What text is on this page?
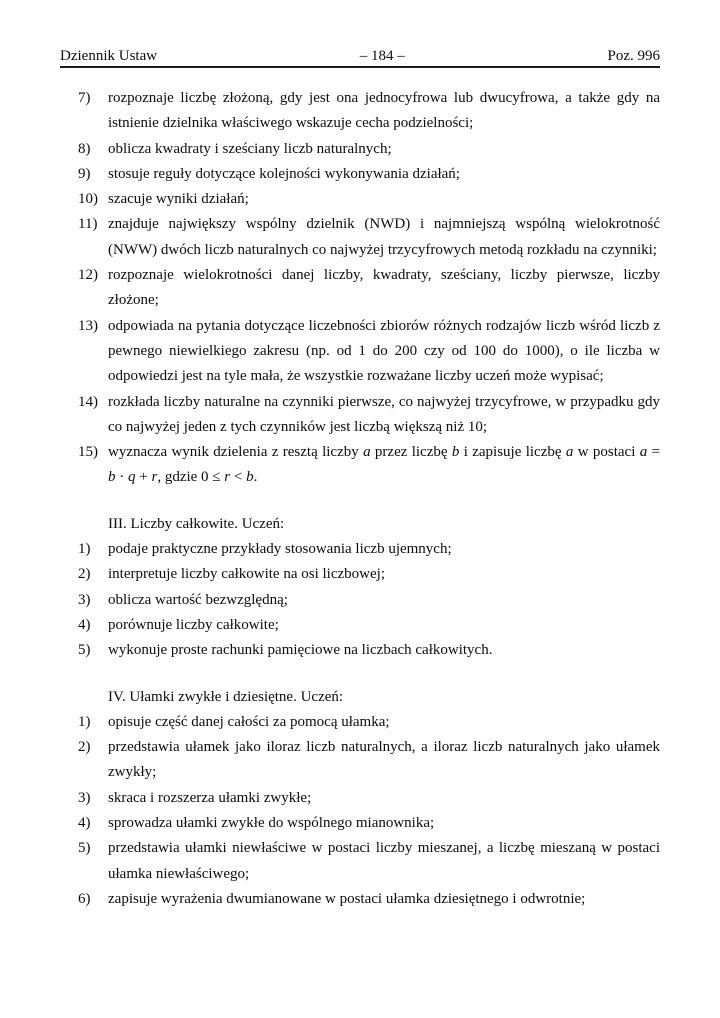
Dziennik Ustaw	– 184 –	Poz. 996
7) rozpoznaje liczbę złożoną, gdy jest ona jednocyfrowa lub dwucyfrowa, a także gdy na istnienie dzielnika właściwego wskazuje cecha podzielności;
8) oblicza kwadraty i sześciany liczb naturalnych;
9) stosuje reguły dotyczące kolejności wykonywania działań;
10) szacuje wyniki działań;
11) znajduje największy wspólny dzielnik (NWD) i najmniejszą wspólną wielokrotność (NWW) dwóch liczb naturalnych co najwyżej trzycyfrowych metodą rozkładu na czynniki;
12) rozpoznaje wielokrotności danej liczby, kwadraty, sześciany, liczby pierwsze, liczby złożone;
13) odpowiada na pytania dotyczące liczebności zbiorów różnych rodzajów liczb wśród liczb z pewnego niewielkiego zakresu (np. od 1 do 200 czy od 100 do 1000), o ile liczba w odpowiedzi jest na tyle mała, że wszystkie rozważane liczby uczeń może wypisać;
14) rozkłada liczby naturalne na czynniki pierwsze, co najwyżej trzycyfrowe, w przypadku gdy co najwyżej jeden z tych czynników jest liczbą większą niż 10;
15) wyznacza wynik dzielenia z resztą liczby a przez liczbę b i zapisuje liczbę a w postaci a = b · q + r, gdzie 0 ≤ r < b.
III. Liczby całkowite. Uczeń:
1) podaje praktyczne przykłady stosowania liczb ujemnych;
2) interpretuje liczby całkowite na osi liczbowej;
3) oblicza wartość bezwzględną;
4) porównuje liczby całkowite;
5) wykonuje proste rachunki pamięciowe na liczbach całkowitych.
IV. Ułamki zwykłe i dziesiętne. Uczeń:
1) opisuje część danej całości za pomocą ułamka;
2) przedstawia ułamek jako iloraz liczb naturalnych, a iloraz liczb naturalnych jako ułamek zwykły;
3) skraca i rozszerza ułamki zwykłe;
4) sprowadza ułamki zwykłe do wspólnego mianownika;
5) przedstawia ułamki niewłaściwe w postaci liczby mieszanej, a liczbę mieszaną w postaci ułamka niewłaściwego;
6) zapisuje wyrażenia dwumianowane w postaci ułamka dziesiętnego i odwrotnie;
